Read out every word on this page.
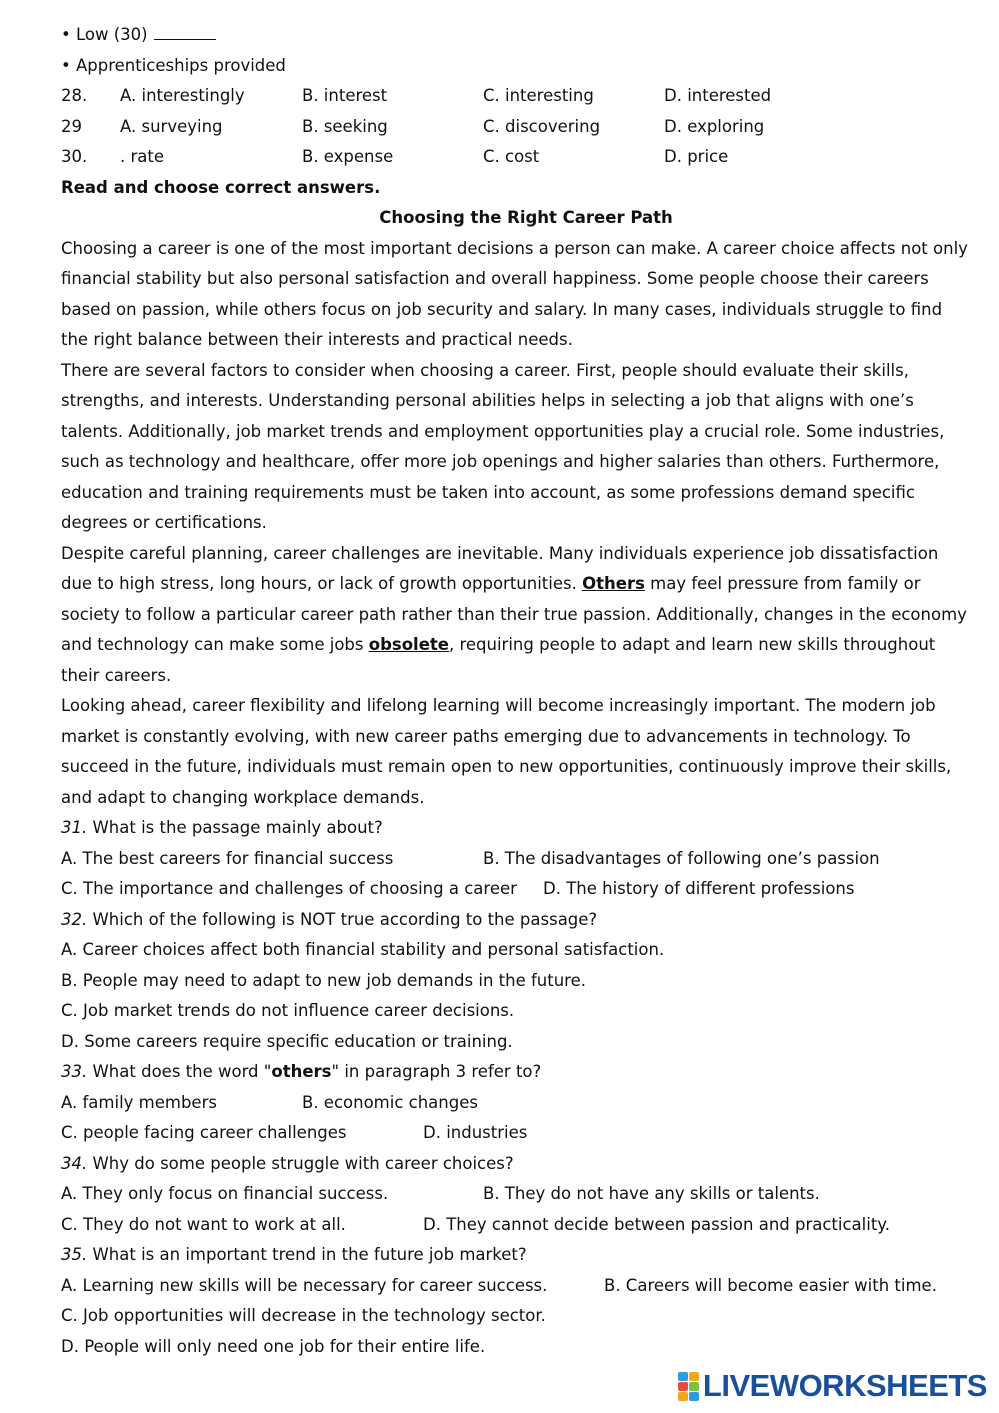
• Low (30)
• Apprenticeships provided
28. A. interestingly	B. interest	C. interesting	D. interested
29 A. surveying	B. seeking	C. discovering	D. exploring
30. . rate	B. expense	C. cost	D. price
Read and choose correct answers.
Choosing the Right Career Path
Choosing a career is one of the most important decisions a person can make. A career choice affects not only
financial stability but also personal satisfaction and overall happiness. Some people choose their careers
based on passion, while others focus on job security and salary. In many cases, individuals struggle to find
the right balance between their interests and practical needs.
There are several factors to consider when choosing a career. First, people should evaluate their skills,
strengths, and interests. Understanding personal abilities helps in selecting a job that aligns with one’s
talents. Additionally, job market trends and employment opportunities play a crucial role. Some industries,
such as technology and healthcare, offer more job openings and higher salaries than others. Furthermore,
education and training requirements must be taken into account, as some professions demand specific
degrees or certifications.
Despite careful planning, career challenges are inevitable. Many individuals experience job dissatisfaction
due to high stress, long hours, or lack of growth opportunities. Others may feel pressure from family or
society to follow a particular career path rather than their true passion. Additionally, changes in the economy
and technology can make some jobs obsolete, requiring people to adapt and learn new skills throughout
their careers.
Looking ahead, career flexibility and lifelong learning will become increasingly important. The modern job
market is constantly evolving, with new career paths emerging due to advancements in technology. To
succeed in the future, individuals must remain open to new opportunities, continuously improve their skills,
and adapt to changing workplace demands.
31. What is the passage mainly about?
A. The best careers for financial success	B. The disadvantages of following one’s passion
C. The importance and challenges of choosing a career D. The history of different professions
32. Which of the following is NOT true according to the passage?
A. Career choices affect both financial stability and personal satisfaction.
B. People may need to adapt to new job demands in the future.
C. Job market trends do not influence career decisions.
D. Some careers require specific education or training.
33. What does the word "others" in paragraph 3 refer to?
A. family members	B. economic changes
C. people facing career challenges	D. industries
34. Why do some people struggle with career choices?
A. They only focus on financial success.	B. They do not have any skills or talents.
C. They do not want to work at all.	D. They cannot decide between passion and practicality.
35. What is an important trend in the future job market?
A. Learning new skills will be necessary for career success.	B. Careers will become easier with time.
C. Job opportunities will decrease in the technology sector.
D. People will only need one job for their entire life.
LIVEWORKSHEETS
